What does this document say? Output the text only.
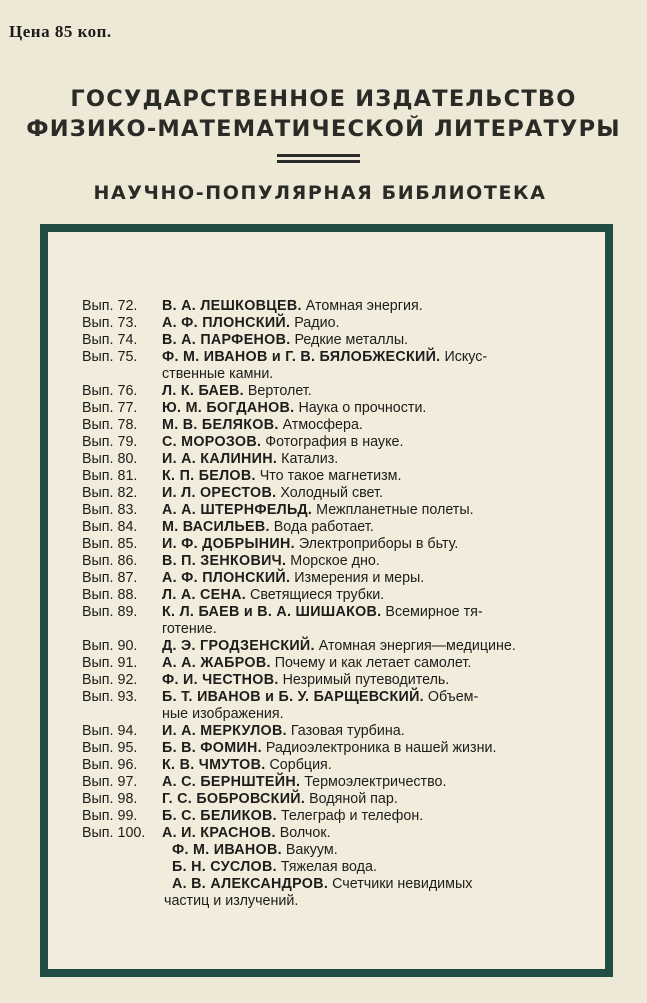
Цена 85 коп.
ГОСУДАРСТВЕННОЕ ИЗДАТЕЛЬСТВО
ФИЗИКО-МАТЕМАТИЧЕСКОЙ ЛИТЕРАТУРЫ
НАУЧНО-ПОПУЛЯРНАЯ БИБЛИОТЕКА
Вып. 72.	В. А. ЛЕШКОВЦЕВ. Атомная энергия.
Вып. 73.	А. Ф. ПЛОНСКИЙ. Радио.
Вып. 74.	В. А. ПАРФЕНОВ. Редкие металлы.
Вып. 75.	Ф. М. ИВАНОВ и Г. В. БЯЛОБЖЕСКИЙ. Искус-
ственные камни.
Вып. 76.	Л. К. БАЕВ. Вертолет.
Вып. 77.	Ю. М. БОГДАНОВ. Наука о прочности.
Вып. 78.	М. В. БЕЛЯКОВ. Атмосфера.
Вып. 79.	С. МОРОЗОВ. Фотография в науке.
Вып. 80.	И. А. КАЛИНИН. Катализ.
Вып. 81.	К. П. БЕЛОВ. Что такое магнетизм.
Вып. 82.	И. Л. ОРЕСТОВ. Холодный свет.
Вып. 83.	А. А. ШТЕРНФЕЛЬД. Межпланетные полеты.
Вып. 84.	М. ВАСИЛЬЕВ. Вода работает.
Вып. 85.	И. Ф. ДОБРЫНИН. Электроприборы в бьту.
Вып. 86.	В. П. ЗЕНКОВИЧ. Морское дно.
Вып. 87.	А. Ф. ПЛОНСКИЙ. Измерения и меры.
Вып. 88.	Л. А. СЕНА. Светящиеся трубки.
Вып. 89.	К. Л. БАЕВ и В. А. ШИШАКОВ. Всемирное тя-
готение.
Вып. 90.	Д. Э. ГРОДЗЕНСКИЙ. Атомная энергия—медицине.
Вып. 91.	А. А. ЖАБРОВ. Почему и как летает самолет.
Вып. 92.	Ф. И. ЧЕСТНОВ. Незримый путеводитель.
Вып. 93.	Б. Т. ИВАНОВ и Б. У. БАРЩЕВСКИЙ. Объем-
ные изображения.
Вып. 94.	И. А. МЕРКУЛОВ. Газовая турбина.
Вып. 95.	Б. В. ФОМИН. Радиоэлектроника в нашей жизни.
Вып. 96.	К. В. ЧМУТОВ. Сорбция.
Вып. 97.	А. С. БЕРНШТЕЙН. Термоэлектричество.
Вып. 98.	Г. С. БОБРОВСКИЙ. Водяной пар.
Вып. 99.	Б. С. БЕЛИКОВ. Телеграф и телефон.
Вып. 100.	А. И. КРАСНОВ. Волчок.
Ф. М. ИВАНОВ. Вакуум.
Б. Н. СУСЛОВ. Тяжелая вода.
А. В. АЛЕКСАНДРОВ. Счетчики невидимых
частиц и излучений.
